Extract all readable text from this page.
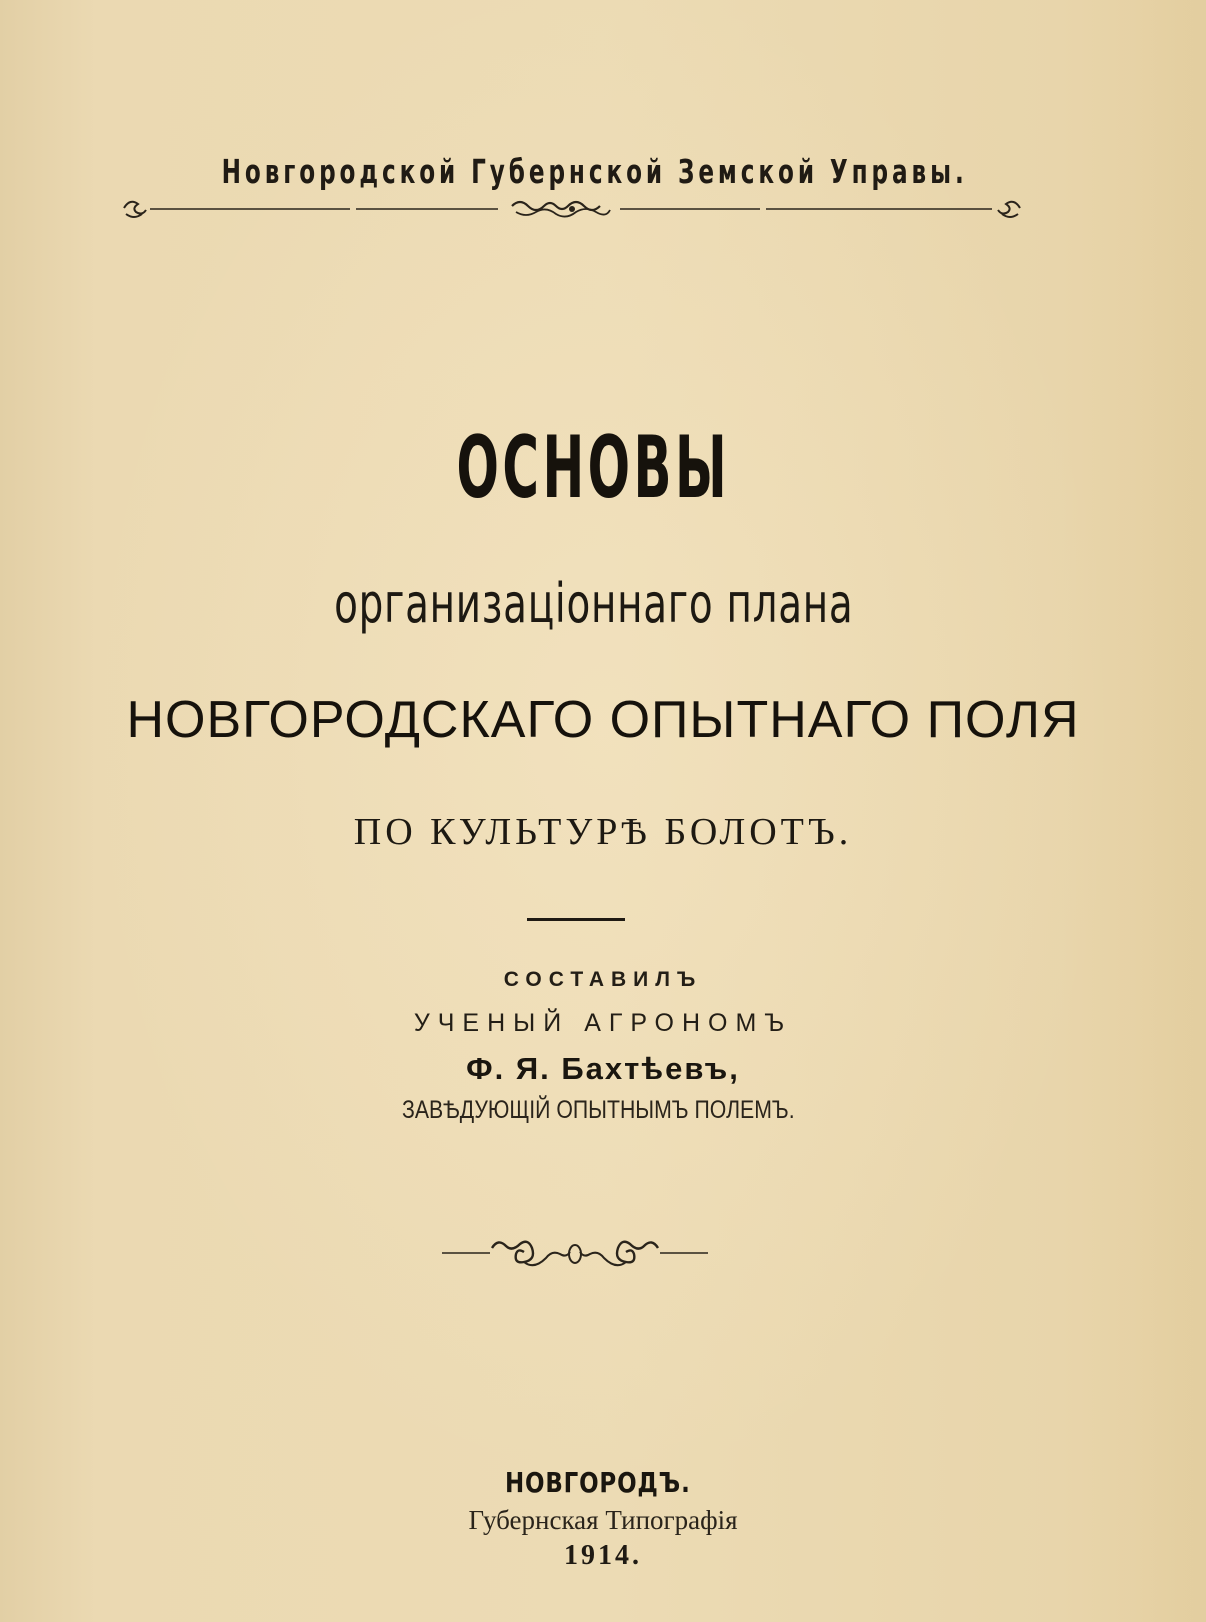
Новгородской Губернской Земской Управы.
ОСНОВЫ
организацiоннаго плана
НОВГОРОДСКАГО ОПЫТНАГО ПОЛЯ
ПО КУЛЬТУРѢ БОЛОТЪ.
СОСТАВИЛЪ
УЧЕНЫЙ АГРОНОМЪ
Ф. Я. Бахтѣевъ,
ЗАВѢДУЮЩIЙ ОПЫТНЫМЪ ПОЛЕМЪ.
НОВГОРОДЪ.
Губернская Типографiя
1914.
